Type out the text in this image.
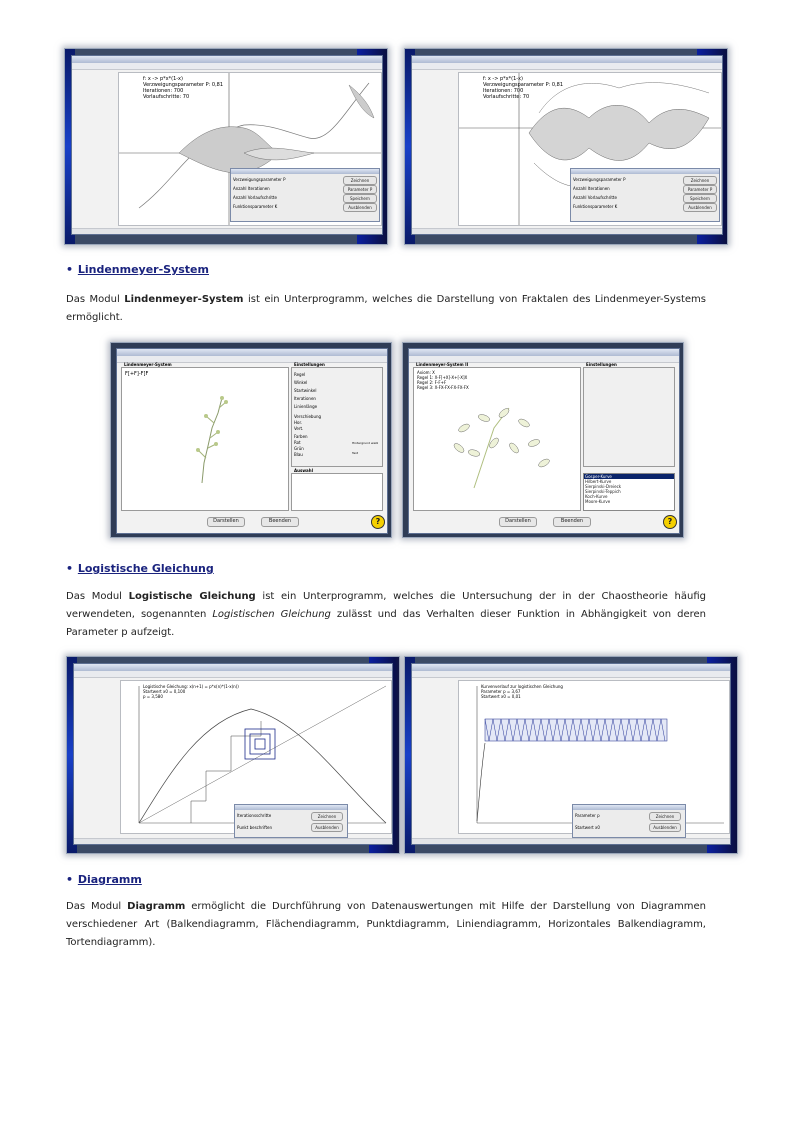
f: x -> p*x*(1-x)
Verzweigungsparameter P: 0,81
Iterationen: 700
Vorlaufschritte: 70
Verzweigungsparameter P
Anzahl Iterationen
Anzahl Vorlaufschritte
Funktionsparameter K
Zeichnen
Parameter P
Speichern
Ausblenden
f: x -> p*x*(1-x)
Verzweigungsparameter P: 0,81
Iterationen: 700
Vorlaufschritte: 70
Verzweigungsparameter P
Anzahl Iterationen
Anzahl Vorlaufschritte
Funktionsparameter K
Zeichnen
Parameter P
Speichern
Ausblenden
• Lindenmeyer-System
Das Modul Lindenmeyer-System ist ein Unterprogramm, welches die Darstellung von Fraktalen des Lindenmeyer-Systems ermöglicht.
Lindenmeyer-System
F[+F]-F]F
Einstellungen
Regel
Winkel
Startwinkel
Iterationen
Linienlänge
Verschiebung
Hor.
Vert.
Farben
Rot
Grün
Blau
Hintergrund weiß
Text
Auswahl
Darstellen	Beenden	?
Lindenmeyer-System II
Axiom: X
Regel 1: X-F[+X]-X+[-X]X
Regel 2: F-F+F
Regel 3: X-FX-FX-FX-FX-FX
Einstellungen
Gosper-Kurve
Hilbert-Kurve
Sierpinski-Dreieck
Sierpinski-Teppich
Koch-Kurve
Moore-Kurve
Darstellen	Beenden	?
• Logistische Gleichung
Das Modul Logistische Gleichung ist ein Unterprogramm, welches die Untersuchung der in der Chaostheorie häufig verwendeten, sogenannten Logistischen Gleichung zulässt und das Verhalten dieser Funktion in Abhängigkeit von deren Parameter p aufzeigt.
Logistische Gleichung: x(n+1) = p*x(n)*(1-x(n))
Startwert x0 = 0,100
p = 3,580
Iterationsschritte
Punkt beschriften
Zeichnen
Ausblenden
Kurvenverlauf zur logistischen Gleichung
Parameter p = 3,67
Startwert x0 = 0,01
Parameter p
Startwert x0
Zeichnen
Ausblenden
• Diagramm
Das Modul Diagramm ermöglicht die Durchführung von Datenauswertungen mit Hilfe der Darstellung von Diagrammen verschiedener Art (Balkendiagramm, Flächendiagramm, Punktdiagramm, Liniendiagramm, Horizontales Balkendiagramm, Tortendiagramm).
